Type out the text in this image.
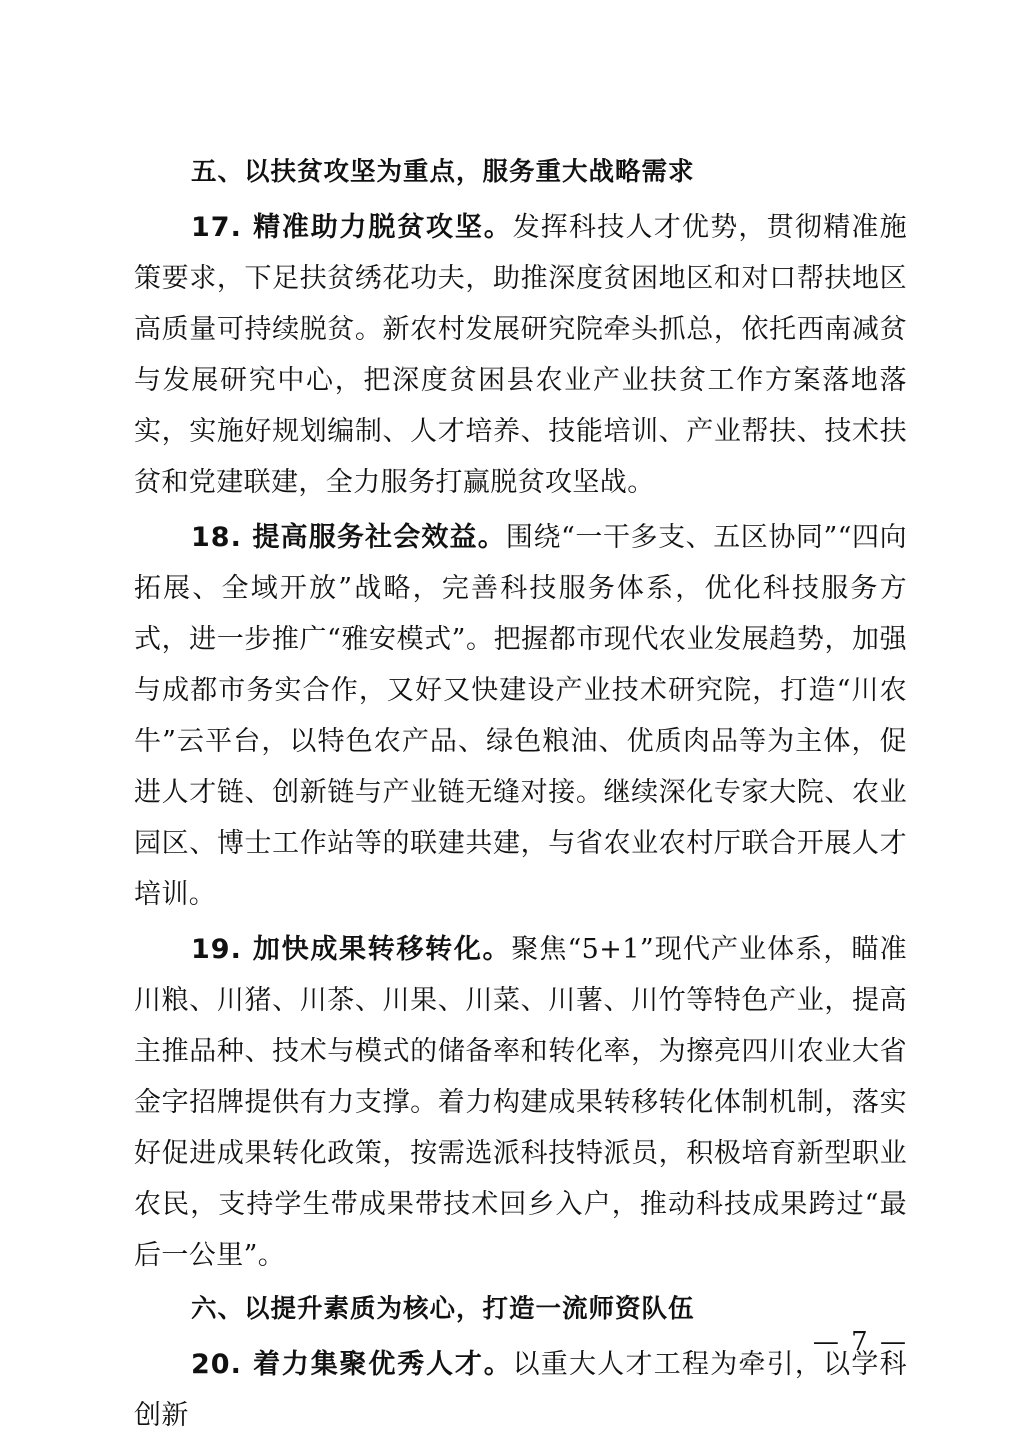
五、以扶贫攻坚为重点，服务重大战略需求

17. 精准助力脱贫攻坚。发挥科技人才优势，贯彻精准施策要求，下足扶贫绣花功夫，助推深度贫困地区和对口帮扶地区高质量可持续脱贫。新农村发展研究院牵头抓总，依托西南减贫与发展研究中心，把深度贫困县农业产业扶贫工作方案落地落实，实施好规划编制、人才培养、技能培训、产业帮扶、技术扶贫和党建联建，全力服务打赢脱贫攻坚战。

18. 提高服务社会效益。围绕“一干多支、五区协同”“四向拓展、全域开放”战略，完善科技服务体系，优化科技服务方式，进一步推广“雅安模式”。把握都市现代农业发展趋势，加强与成都市务实合作，又好又快建设产业技术研究院，打造“川农牛”云平台，以特色农产品、绿色粮油、优质肉品等为主体，促进人才链、创新链与产业链无缝对接。继续深化专家大院、农业园区、博士工作站等的联建共建，与省农业农村厅联合开展人才培训。

19. 加快成果转移转化。聚焦“5+1”现代产业体系，瞄准川粮、川猪、川茶、川果、川菜、川薯、川竹等特色产业，提高主推品种、技术与模式的储备率和转化率，为擦亮四川农业大省金字招牌提供有力支撑。着力构建成果转移转化体制机制，落实好促进成果转化政策，按需选派科技特派员，积极培育新型职业农民，支持学生带成果带技术回乡入户，推动科技成果跨过“最后一公里”。

六、以提升素质为核心，打造一流师资队伍

20. 着力集聚优秀人才。以重大人才工程为牵引，以学科创新

— 7 —
